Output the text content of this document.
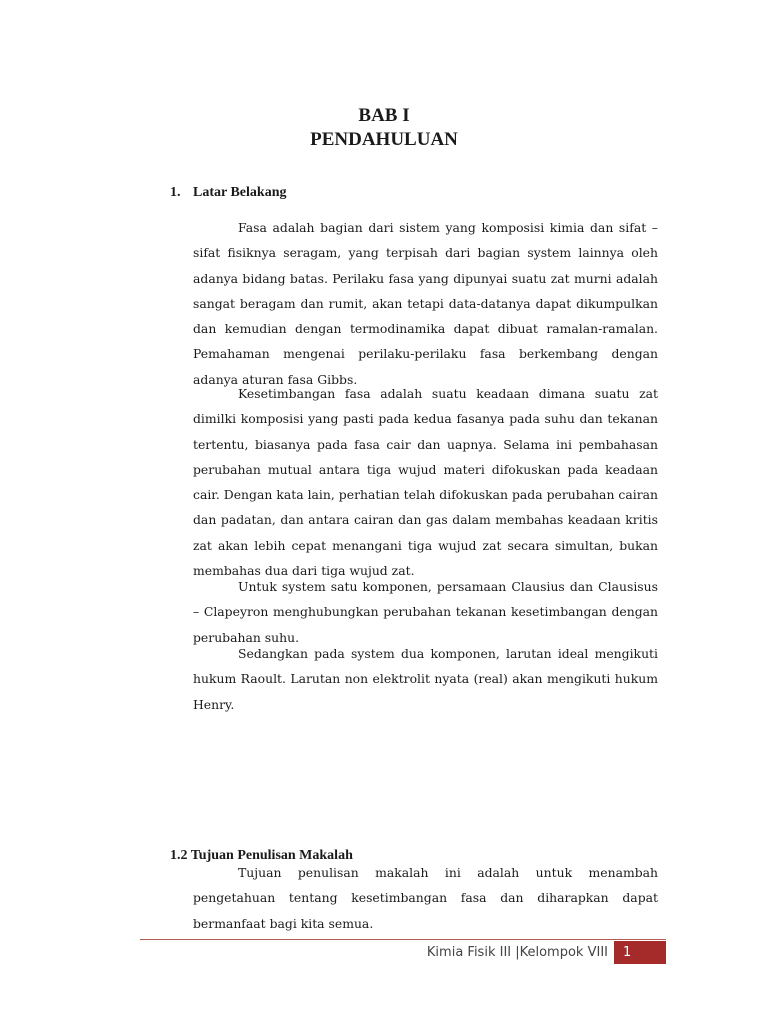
BAB I
PENDAHULUAN
1. Latar Belakang

Fasa adalah bagian dari sistem yang komposisi kimia dan sifat – sifat fisiknya seragam, yang terpisah dari bagian system lainnya oleh adanya bidang batas. Perilaku fasa yang dipunyai suatu zat murni adalah sangat beragam dan rumit, akan tetapi data-datanya dapat dikumpulkan dan kemudian dengan termodinamika dapat dibuat ramalan-ramalan. Pemahaman mengenai perilaku-perilaku fasa berkembang dengan adanya aturan fasa Gibbs.

Kesetimbangan fasa adalah suatu keadaan dimana suatu zat dimilki komposisi yang pasti pada kedua fasanya pada suhu dan tekanan tertentu, biasanya pada fasa cair dan uapnya. Selama ini pembahasan perubahan mutual antara tiga wujud materi difokuskan pada keadaan cair. Dengan kata lain, perhatian telah difokuskan pada perubahan cairan dan padatan, dan antara cairan dan gas dalam membahas keadaan kritis zat akan lebih cepat menangani tiga wujud zat secara simultan, bukan membahas dua dari tiga wujud zat.

Untuk system satu komponen, persamaan Clausius dan Clausisus – Clapeyron menghubungkan perubahan tekanan kesetimbangan dengan perubahan suhu.

Sedangkan pada system dua komponen, larutan ideal mengikuti hukum Raoult. Larutan non elektrolit nyata (real) akan mengikuti hukum Henry.

1.2 Tujuan Penulisan Makalah

Tujuan penulisan makalah ini adalah untuk menambah pengetahuan tentang kesetimbangan fasa dan diharapkan dapat bermanfaat bagi kita semua.

Kimia Fisik III |Kelompok VIII	1
